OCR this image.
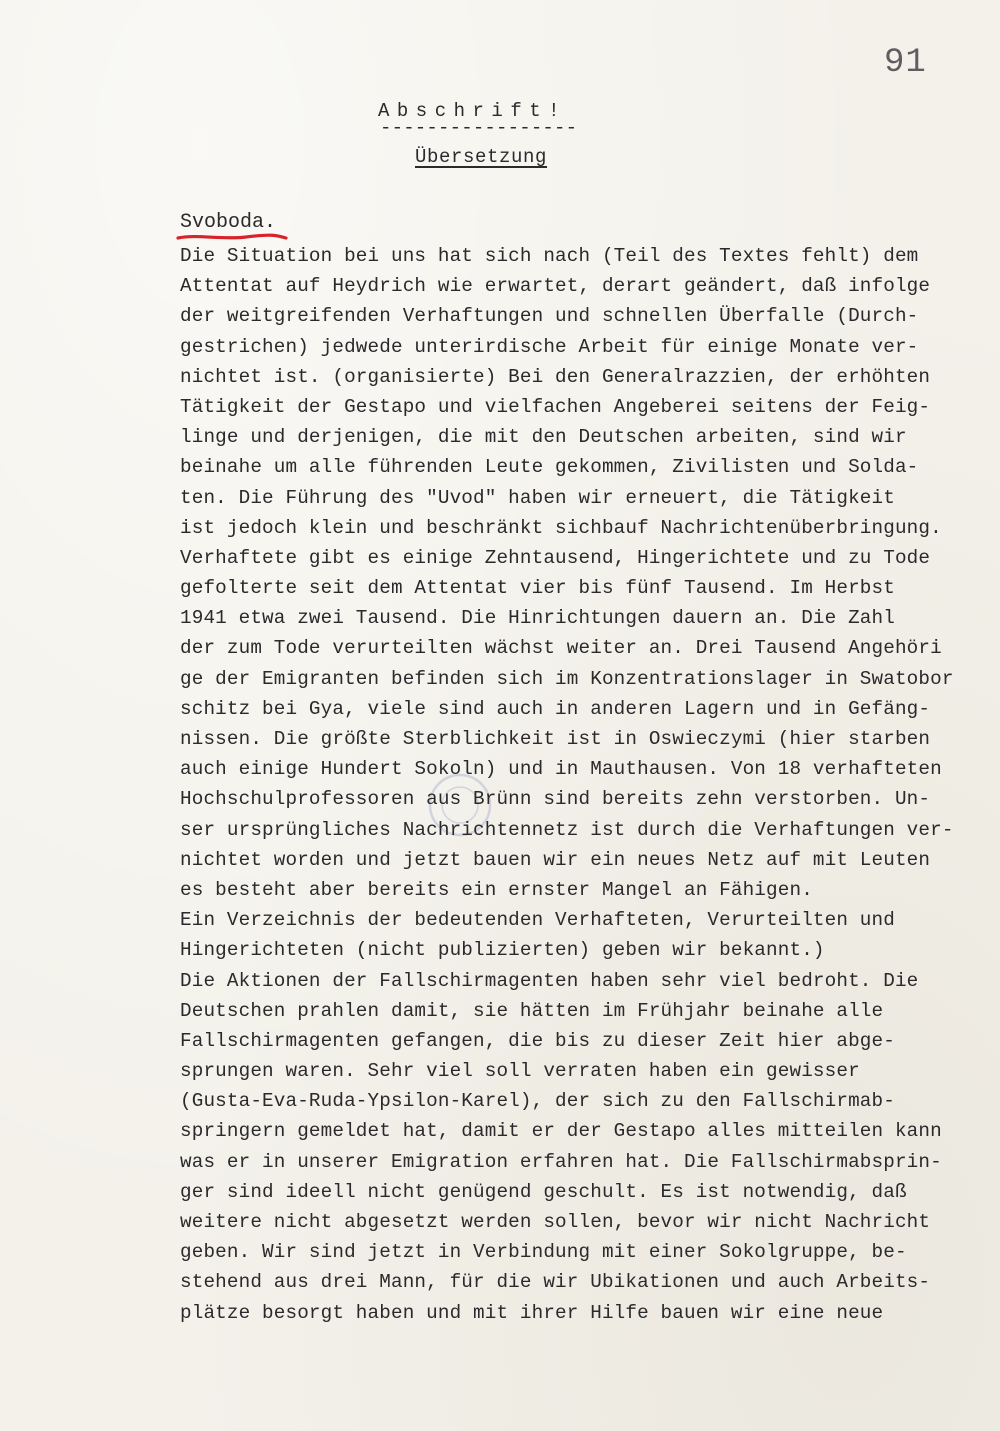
91
Abschrift!
-----------------
Übersetzung
Svoboda.
Die Situation bei uns hat sich nach (Teil des Textes fehlt) dem
Attentat auf Heydrich wie erwartet, derart geändert, daß infolge
der weitgreifenden Verhaftungen und schnellen Überfalle (Durch-
gestrichen) jedwede unterirdische Arbeit für einige Monate ver-
nichtet ist. (organisierte) Bei den Generalrazzien, der erhöhten
Tätigkeit der Gestapo und vielfachen Angeberei seitens der Feig-
linge und derjenigen, die mit den Deutschen arbeiten, sind wir
beinahe um alle führenden Leute gekommen, Zivilisten und Solda-
ten. Die Führung des "Uvod" haben wir erneuert, die Tätigkeit
ist jedoch klein und beschränkt sichbauf Nachrichtenüberbringung.
Verhaftete gibt es einige Zehntausend, Hingerichtete und zu Tode
gefolterte seit dem Attentat vier bis fünf Tausend. Im Herbst
1941 etwa zwei Tausend. Die Hinrichtungen dauern an. Die Zahl
der zum Tode verurteilten wächst weiter an. Drei Tausend Angehöri
ge der Emigranten befinden sich im Konzentrationslager in Swatobor
schitz bei Gya, viele sind auch in anderen Lagern und in Gefäng-
nissen. Die größte Sterblichkeit ist in Oswieczymi (hier starben
auch einige Hundert Sokoln) und in Mauthausen. Von 18 verhafteten
Hochschulprofessoren aus Brünn sind bereits zehn verstorben. Un-
ser ursprüngliches Nachrichtennetz ist durch die Verhaftungen ver-
nichtet worden und jetzt bauen wir ein neues Netz auf mit Leuten
es besteht aber bereits ein ernster Mangel an Fähigen.
Ein Verzeichnis der bedeutenden Verhafteten, Verurteilten und
Hingerichteten (nicht publizierten) geben wir bekannt.)
Die Aktionen der Fallschirmagenten haben sehr viel bedroht. Die
Deutschen prahlen damit, sie hätten im Frühjahr beinahe alle
Fallschirmagenten gefangen, die bis zu dieser Zeit hier abge-
sprungen waren. Sehr viel soll verraten haben ein gewisser
(Gusta-Eva-Ruda-Ypsilon-Karel), der sich zu den Fallschirmab-
springern gemeldet hat, damit er der Gestapo alles mitteilen kann
was er in unserer Emigration erfahren hat. Die Fallschirmabsprin-
ger sind ideell nicht genügend geschult. Es ist notwendig, daß
weitere nicht abgesetzt werden sollen, bevor wir nicht Nachricht
geben. Wir sind jetzt in Verbindung mit einer Sokolgruppe, be-
stehend aus drei Mann, für die wir Ubikationen und auch Arbeits-
plätze besorgt haben und mit ihrer Hilfe bauen wir eine neue
